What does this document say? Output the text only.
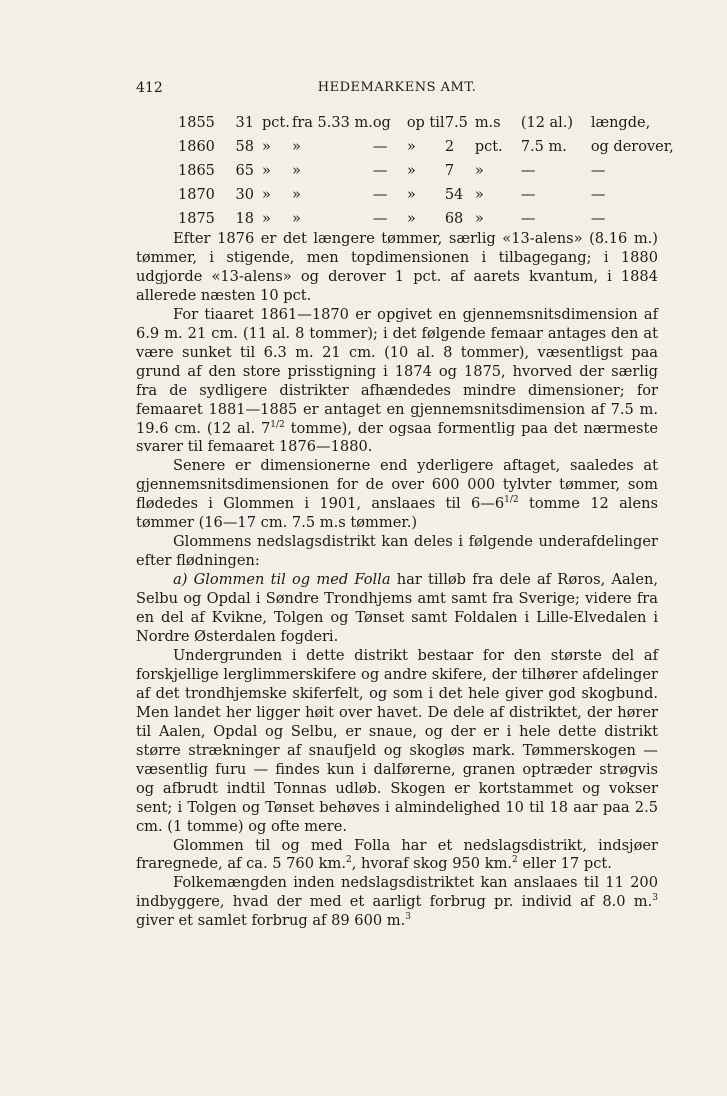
412	HEDEMARKENS AMT.
1855	31	pct.	fra 5.33 m.	og	op til	7.5	m.s	(12 al.)	længde,
1860	58	»	»	—	»	2	pct.	7.5 m.	og derover,
1865	65	»	»	—	»	7	»	—	—
1870	30	»	»	—	»	54	»	—	—
1875	18	»	»	—	»	68	»	—	—

Efter 1876 er det længere tømmer, særlig «13-alens» (8.16 m.) tømmer, i stigende, men topdimensionen i tilbagegang; i 1880 udgjorde «13-alens» og derover 1 pct. af aarets kvantum, i 1884 allerede næsten 10 pct.

For tiaaret 1861—1870 er opgivet en gjennemsnitsdimension af 6.9 m. 21 cm. (11 al. 8 tommer); i det følgende femaar antages den at være sunket til 6.3 m. 21 cm. (10 al. 8 tommer), væsentligst paa grund af den store prisstigning i 1874 og 1875, hvorved der særlig fra de sydligere distrikter afhændedes mindre dimensioner; for femaaret 1881—1885 er antaget en gjennemsnitsdimension af 7.5 m. 19.6 cm. (12 al. $7^{1/2}$ tomme), der ogsaa formentlig paa det nærmeste svarer til femaaret 1876—1880.

Senere er dimensionerne end yderligere aftaget, saaledes at gjennemsnitsdimensionen for de over 600 000 tylvter tømmer, som flødedes i Glommen i 1901, anslaaes til $6—6^{1/2}$ tomme 12 alens tømmer (16—17 cm. 7.5 m.s tømmer.)

Glommens nedslagsdistrikt kan deles i følgende underafdelinger efter flødningen:

a) Glommen til og med Folla har tilløb fra dele af Røros, Aalen, Selbu og Opdal i Søndre Trondhjems amt samt fra Sverige; videre fra en del af Kvikne, Tolgen og Tønset samt Foldalen i Lille-Elvedalen i Nordre Østerdalen fogderi.

Undergrunden i dette distrikt bestaar for den største del af forskjellige lerglimmerskifere og andre skifere, der tilhører afdelinger af det trondhjemske skiferfelt, og som i det hele giver god skogbund. Men landet her ligger høit over havet. De dele af distriktet, der hører til Aalen, Opdal og Selbu, er snaue, og der er i hele dette distrikt større strækninger af snaufjeld og skogløs mark. Tømmerskogen — væsentlig furu — findes kun i dalførerne, granen optræder strøgvis og afbrudt indtil Tonnas udløb. Skogen er kortstammet og vokser sent; i Tolgen og Tønset behøves i almindelighed 10 til 18 aar paa 2.5 cm. (1 tomme) og ofte mere.

Glommen til og med Folla har et nedslagsdistrikt, indsjøer fraregnede, af ca. 5 760 km.$^2$, hvoraf skog 950 km.$^2$ eller 17 pct.

Folkemængden inden nedslagsdistriktet kan anslaaes til 11 200 indbyggere, hvad der med et aarligt forbrug pr. individ af 8.0 m.$^3$ giver et samlet forbrug af 89 600 m.$^3$
